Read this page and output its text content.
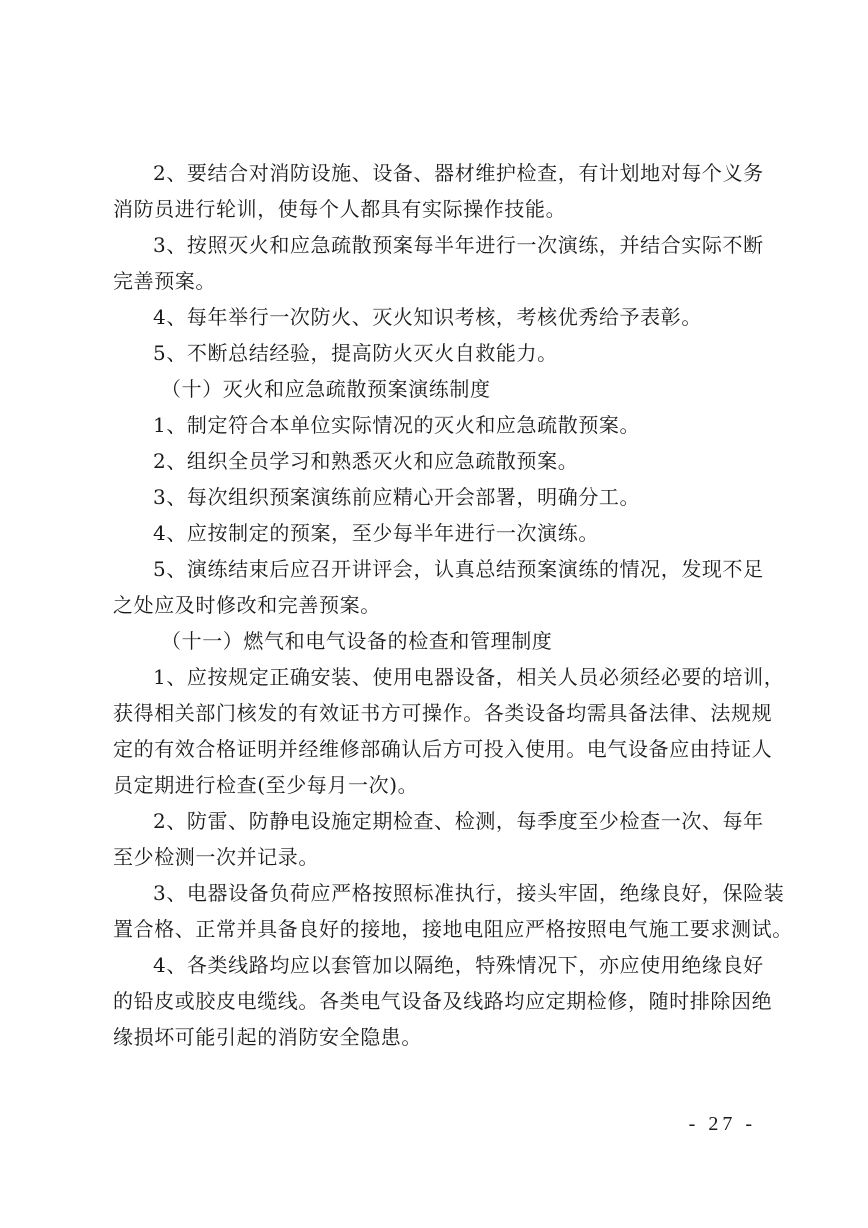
2、要结合对消防设施、设备、器材维护检查，有计划地对每个义务
消防员进行轮训，使每个人都具有实际操作技能。
3、按照灭火和应急疏散预案每半年进行一次演练，并结合实际不断
完善预案。
4、每年举行一次防火、灭火知识考核，考核优秀给予表彰。
5、不断总结经验，提高防火灭火自救能力。
（十）灭火和应急疏散预案演练制度
1、制定符合本单位实际情况的灭火和应急疏散预案。
2、组织全员学习和熟悉灭火和应急疏散预案。
3、每次组织预案演练前应精心开会部署，明确分工。
4、应按制定的预案，至少每半年进行一次演练。
5、演练结束后应召开讲评会，认真总结预案演练的情况，发现不足
之处应及时修改和完善预案。
（十一）燃气和电气设备的检查和管理制度
1、应按规定正确安装、使用电器设备，相关人员必须经必要的培训，
获得相关部门核发的有效证书方可操作。各类设备均需具备法律、法规规
定的有效合格证明并经维修部确认后方可投入使用。电气设备应由持证人
员定期进行检查(至少每月一次)。
2、防雷、防静电设施定期检查、检测，每季度至少检查一次、每年
至少检测一次并记录。
3、电器设备负荷应严格按照标准执行，接头牢固，绝缘良好，保险装
置合格、正常并具备良好的接地，接地电阻应严格按照电气施工要求测试。
4、各类线路均应以套管加以隔绝，特殊情况下，亦应使用绝缘良好
的铅皮或胶皮电缆线。各类电气设备及线路均应定期检修，随时排除因绝
缘损坏可能引起的消防安全隐患。
- 27 -
